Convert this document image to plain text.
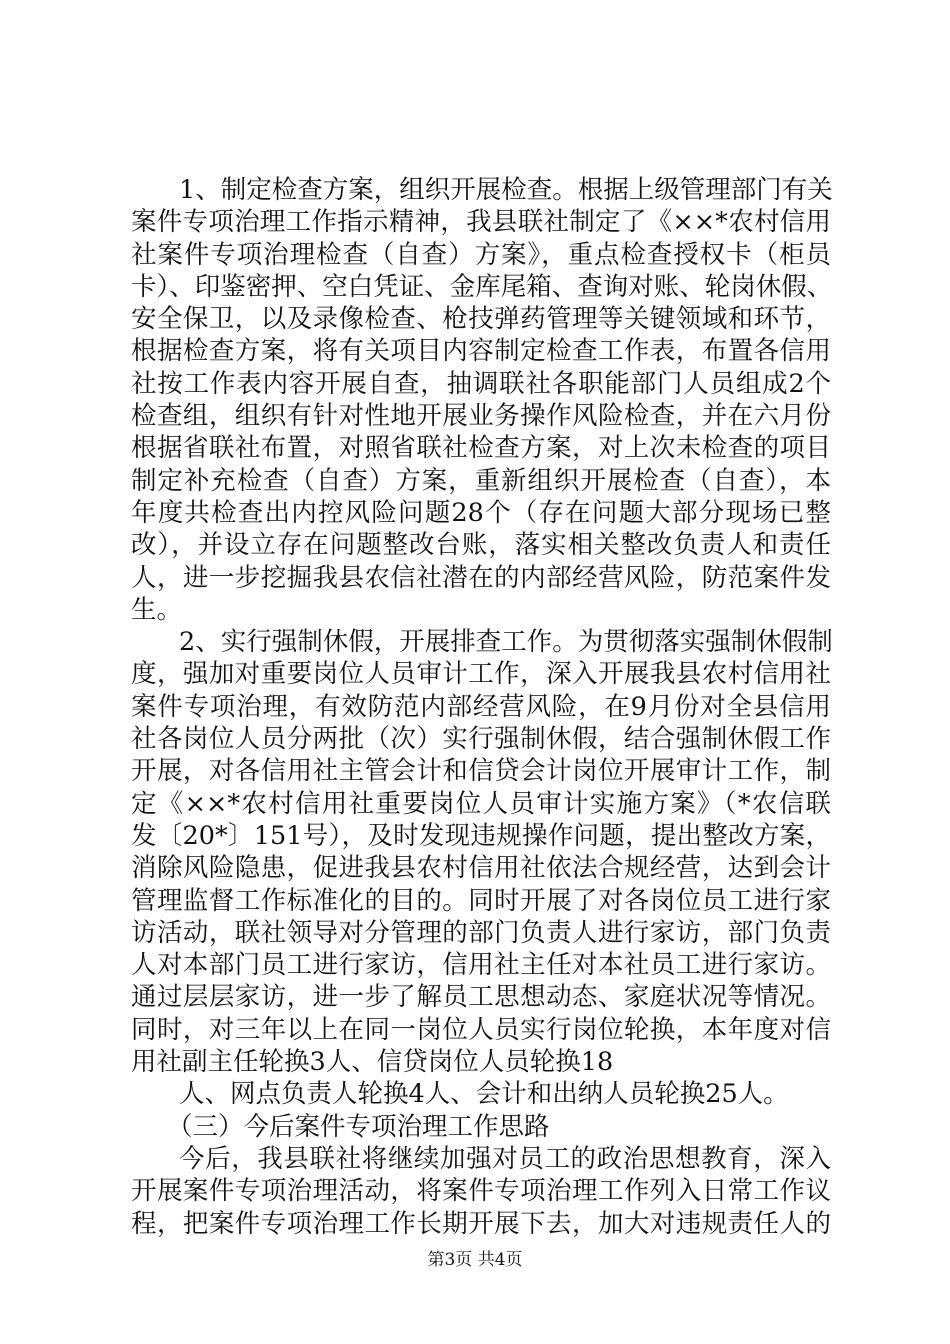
1、制定检查方案，组织开展检查。根据上级管理部门有关
案件专项治理工作指示精神，我县联社制定了《××*农村信用
社案件专项治理检查（自查）方案》，重点检查授权卡（柜员
卡）、印鉴密押、空白凭证、金库尾箱、查询对账、轮岗休假、
安全保卫，以及录像检查、枪技弹药管理等关键领域和环节，
根据检查方案，将有关项目内容制定检查工作表，布置各信用
社按工作表内容开展自查，抽调联社各职能部门人员组成2个
检查组，组织有针对性地开展业务操作风险检查，并在六月份
根据省联社布置，对照省联社检查方案，对上次未检查的项目
制定补充检查（自查）方案，重新组织开展检查（自查），本
年度共检查出内控风险问题28个（存在问题大部分现场已整
改），并设立存在问题整改台账，落实相关整改负责人和责任
人，进一步挖掘我县农信社潜在的内部经营风险，防范案件发
生。
2、实行强制休假，开展排查工作。为贯彻落实强制休假制
度，强加对重要岗位人员审计工作，深入开展我县农村信用社
案件专项治理，有效防范内部经营风险，在9月份对全县信用
社各岗位人员分两批（次）实行强制休假，结合强制休假工作
开展，对各信用社主管会计和信贷会计岗位开展审计工作，制
定《××*农村信用社重要岗位人员审计实施方案》（*农信联
发〔20*〕151号），及时发现违规操作问题，提出整改方案，
消除风险隐患，促进我县农村信用社依法合规经营，达到会计
管理监督工作标准化的目的。同时开展了对各岗位员工进行家
访活动，联社领导对分管理的部门负责人进行家访，部门负责
人对本部门员工进行家访，信用社主任对本社员工进行家访。
通过层层家访，进一步了解员工思想动态、家庭状况等情况。
同时，对三年以上在同一岗位人员实行岗位轮换，本年度对信
用社副主任轮换3人、信贷岗位人员轮换18
人、网点负责人轮换4人、会计和出纳人员轮换25人。
（三）今后案件专项治理工作思路
今后，我县联社将继续加强对员工的政治思想教育，深入
开展案件专项治理活动，将案件专项治理工作列入日常工作议
程，把案件专项治理工作长期开展下去，加大对违规责任人的
第3页 共4页
